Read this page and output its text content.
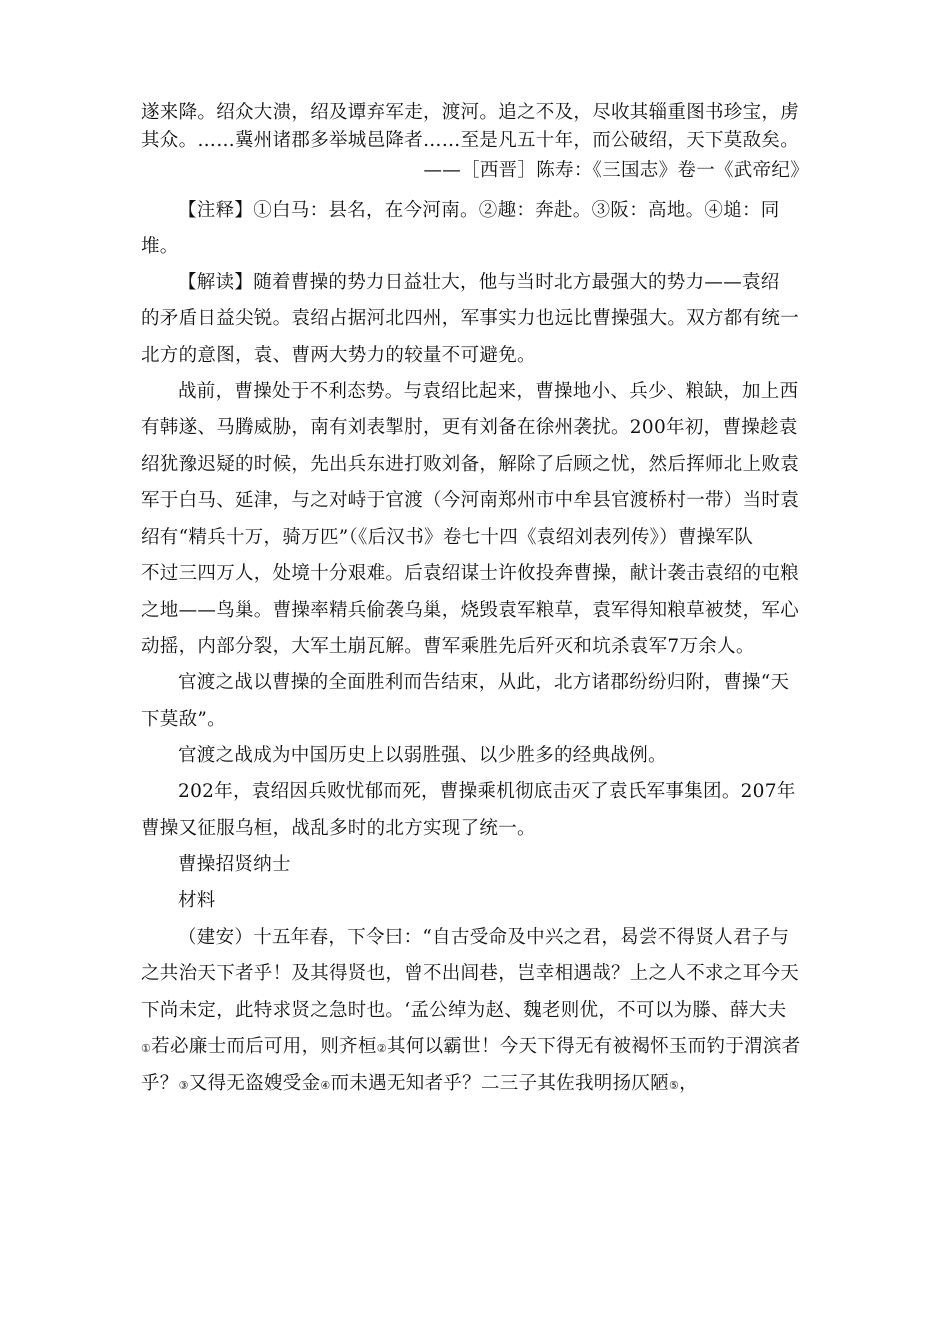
遂来降。绍众大溃，绍及谭弃军走，渡河。追之不及，尽收其辎重图书珍宝，虏
其众。……冀州诸郡多举城邑降者……至是凡五十年，而公破绍，天下莫敌矣。
——［西晋］陈寿：《三国志》卷一《武帝纪》
【注释】①白马：县名，在今河南。②趣：奔赴。③阪：高地。④塠：同
堆。
【解读】随着曹操的势力日益壮大，他与当时北方最强大的势力——袁绍
的矛盾日益尖锐。袁绍占据河北四州，军事实力也远比曹操强大。双方都有统一
北方的意图，袁、曹两大势力的较量不可避免。
战前，曹操处于不利态势。与袁绍比起来，曹操地小、兵少、粮缺，加上西
有韩遂、马腾威胁，南有刘表掣肘，更有刘备在徐州袭扰。200年初，曹操趁袁
绍犹豫迟疑的时候，先出兵东进打败刘备，解除了后顾之忧，然后挥师北上败袁
军于白马、延津，与之对峙于官渡（今河南郑州市中牟县官渡桥村一带）当时袁
绍有“精兵十万，骑万匹”（《后汉书》卷七十四《袁绍刘表列传》）曹操军队
不过三四万人，处境十分艰难。后袁绍谋士许攸投奔曹操，献计袭击袁绍的屯粮
之地——鸟巢。曹操率精兵偷袭乌巢，烧毁袁军粮草，袁军得知粮草被焚，军心
动摇，内部分裂，大军土崩瓦解。曹军乘胜先后歼灭和坑杀袁军7万余人。
官渡之战以曹操的全面胜利而告结束，从此，北方诸郡纷纷归附，曹操“天
下莫敌”。
官渡之战成为中国历史上以弱胜强、以少胜多的经典战例。
202年，袁绍因兵败忧郁而死，曹操乘机彻底击灭了袁氏军事集团。207年
曹操又征服乌桓，战乱多时的北方实现了统一。
曹操招贤纳士
材料
（建安）十五年春，下令曰：“自古受命及中兴之君，曷尝不得贤人君子与
之共治天下者乎！及其得贤也，曾不出闾巷，岂幸相遇哉？上之人不求之耳今天
下尚未定，此特求贤之急时也。‘孟公绰为赵、魏老则优，不可以为滕、薛大夫
①若必廉士而后可用，则齐桓②其何以霸世！今天下得无有被褐怀玉而钓于渭滨者
乎？③又得无盗嫂受金④而未遇无知者乎？二三子其佐我明扬仄陋⑤，
